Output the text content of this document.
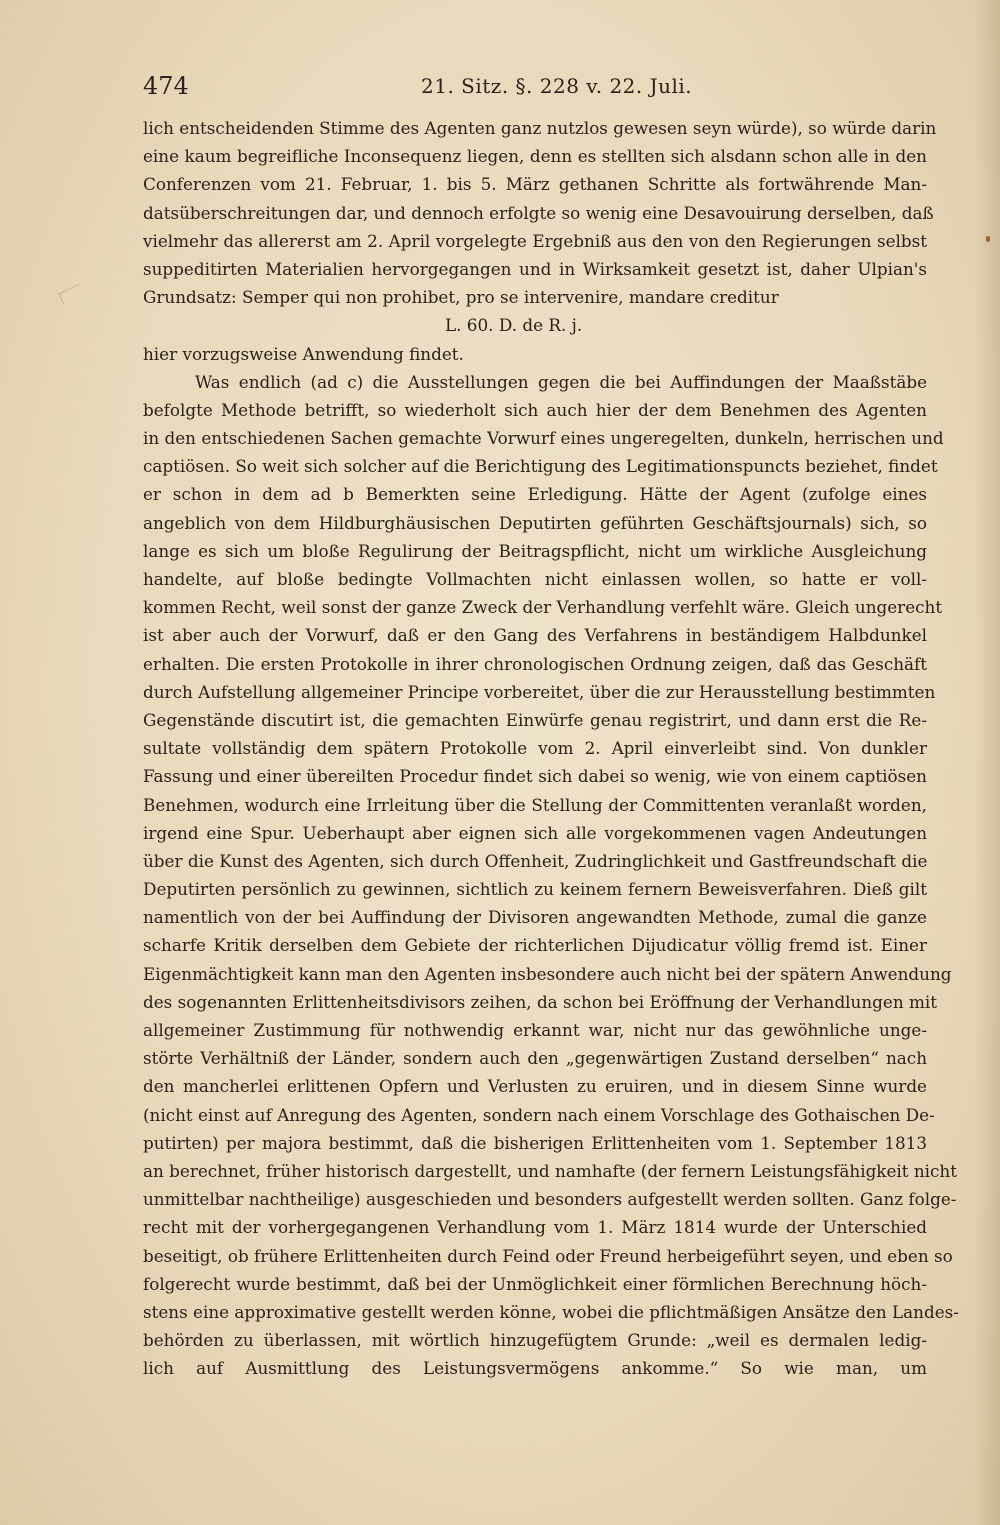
474	21. Sitz. §. 228 v. 22. Juli.
lich entscheidenden Stimme des Agenten ganz nutzlos gewesen seyn würde), so würde darin
eine kaum begreifliche Inconsequenz liegen, denn es stellten sich alsdann schon alle in den
Conferenzen vom 21. Februar, 1. bis 5. März gethanen Schritte als fortwährende Man-
datsüberschreitungen dar, und dennoch erfolgte so wenig eine Desavouirung derselben, daß
vielmehr das allererst am 2. April vorgelegte Ergebniß aus den von den Regierungen selbst
suppeditirten Materialien hervorgegangen und in Wirksamkeit gesetzt ist, daher Ulpian's
Grundsatz: Semper qui non prohibet, pro se intervenire, mandare creditur
L. 60. D. de R. j.
hier vorzugsweise Anwendung findet.
Was endlich (ad c) die Ausstellungen gegen die bei Auffindungen der Maaßstäbe
befolgte Methode betrifft, so wiederholt sich auch hier der dem Benehmen des Agenten
in den entschiedenen Sachen gemachte Vorwurf eines ungeregelten, dunkeln, herrischen und
captiösen. So weit sich solcher auf die Berichtigung des Legitimationspuncts beziehet, findet
er schon in dem ad b Bemerkten seine Erledigung. Hätte der Agent (zufolge eines
angeblich von dem Hildburghäusischen Deputirten geführten Geschäftsjournals) sich, so
lange es sich um bloße Regulirung der Beitragspflicht, nicht um wirkliche Ausgleichung
handelte, auf bloße bedingte Vollmachten nicht einlassen wollen, so hatte er voll-
kommen Recht, weil sonst der ganze Zweck der Verhandlung verfehlt wäre. Gleich ungerecht
ist aber auch der Vorwurf, daß er den Gang des Verfahrens in beständigem Halbdunkel
erhalten. Die ersten Protokolle in ihrer chronologischen Ordnung zeigen, daß das Geschäft
durch Aufstellung allgemeiner Principe vorbereitet, über die zur Herausstellung bestimmten
Gegenstände discutirt ist, die gemachten Einwürfe genau registrirt, und dann erst die Re-
sultate vollständig dem spätern Protokolle vom 2. April einverleibt sind. Von dunkler
Fassung und einer übereilten Procedur findet sich dabei so wenig, wie von einem captiösen
Benehmen, wodurch eine Irrleitung über die Stellung der Committenten veranlaßt worden,
irgend eine Spur. Ueberhaupt aber eignen sich alle vorgekommenen vagen Andeutungen
über die Kunst des Agenten, sich durch Offenheit, Zudringlichkeit und Gastfreundschaft die
Deputirten persönlich zu gewinnen, sichtlich zu keinem fernern Beweisverfahren. Dieß gilt
namentlich von der bei Auffindung der Divisoren angewandten Methode, zumal die ganze
scharfe Kritik derselben dem Gebiete der richterlichen Dijudicatur völlig fremd ist. Einer
Eigenmächtigkeit kann man den Agenten insbesondere auch nicht bei der spätern Anwendung
des sogenannten Erlittenheitsdivisors zeihen, da schon bei Eröffnung der Verhandlungen mit
allgemeiner Zustimmung für nothwendig erkannt war, nicht nur das gewöhnliche unge-
störte Verhältniß der Länder, sondern auch den „gegenwärtigen Zustand derselben“ nach
den mancherlei erlittenen Opfern und Verlusten zu eruiren, und in diesem Sinne wurde
(nicht einst auf Anregung des Agenten, sondern nach einem Vorschlage des Gothaischen De-
putirten) per majora bestimmt, daß die bisherigen Erlittenheiten vom 1. September 1813
an berechnet, früher historisch dargestellt, und namhafte (der fernern Leistungsfähigkeit nicht
unmittelbar nachtheilige) ausgeschieden und besonders aufgestellt werden sollten. Ganz folge-
recht mit der vorhergegangenen Verhandlung vom 1. März 1814 wurde der Unterschied
beseitigt, ob frühere Erlittenheiten durch Feind oder Freund herbeigeführt seyen, und eben so
folgerecht wurde bestimmt, daß bei der Unmöglichkeit einer förmlichen Berechnung höch-
stens eine approximative gestellt werden könne, wobei die pflichtmäßigen Ansätze den Landes-
behörden zu überlassen, mit wörtlich hinzugefügtem Grunde: „weil es dermalen ledig-
lich auf Ausmittlung des Leistungsvermögens ankomme.“ So wie man, um
